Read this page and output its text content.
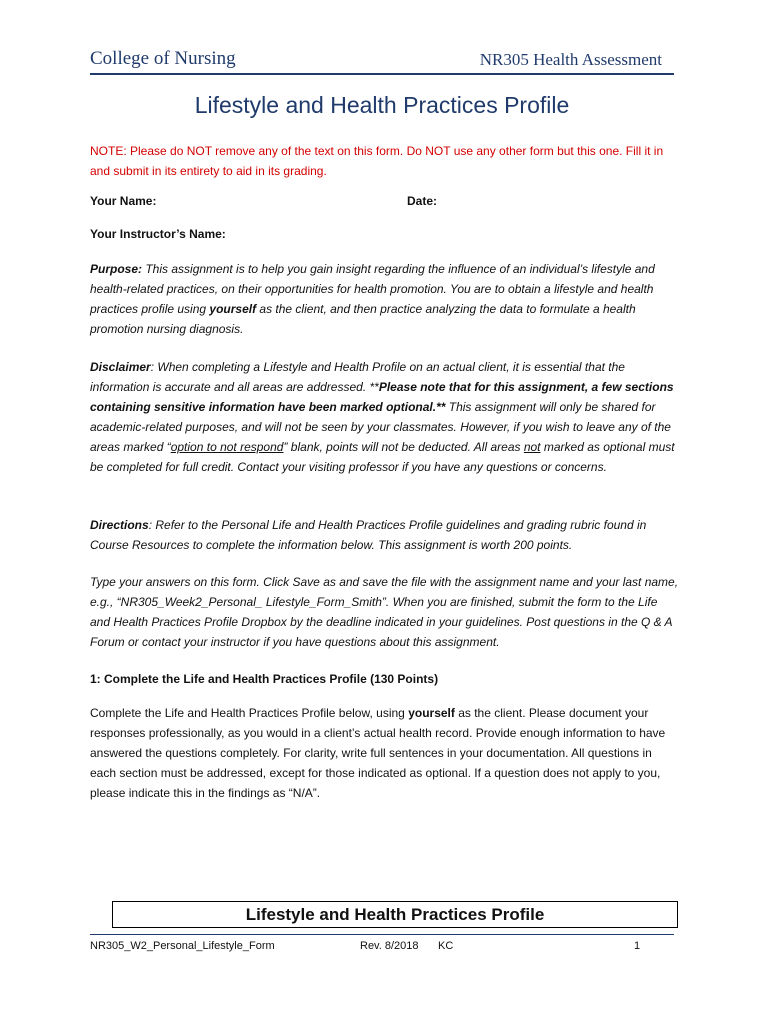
College of Nursing	NR305 Health Assessment
Lifestyle and Health Practices Profile
NOTE: Please do NOT remove any of the text on this form. Do NOT use any other form but this one. Fill it in and submit in its entirety to aid in its grading.
Your Name:	Date:
Your Instructor’s Name:
Purpose: This assignment is to help you gain insight regarding the influence of an individual’s lifestyle and health-related practices, on their opportunities for health promotion. You are to obtain a lifestyle and health practices profile using yourself as the client, and then practice analyzing the data to formulate a health promotion nursing diagnosis.
Disclaimer: When completing a Lifestyle and Health Profile on an actual client, it is essential that the information is accurate and all areas are addressed. **Please note that for this assignment, a few sections containing sensitive information have been marked optional.** This assignment will only be shared for academic-related purposes, and will not be seen by your classmates. However, if you wish to leave any of the areas marked “option to not respond” blank, points will not be deducted. All areas not marked as optional must be completed for full credit. Contact your visiting professor if you have any questions or concerns.
Directions: Refer to the Personal Life and Health Practices Profile guidelines and grading rubric found in Course Resources to complete the information below. This assignment is worth 200 points.
Type your answers on this form. Click Save as and save the file with the assignment name and your last name, e.g., “NR305_Week2_Personal_ Lifestyle_Form_Smith”. When you are finished, submit the form to the Life and Health Practices Profile Dropbox by the deadline indicated in your guidelines. Post questions in the Q & A Forum or contact your instructor if you have questions about this assignment.
1: Complete the Life and Health Practices Profile (130 Points)
Complete the Life and Health Practices Profile below, using yourself as the client. Please document your responses professionally, as you would in a client’s actual health record. Provide enough information to have answered the questions completely. For clarity, write full sentences in your documentation. All questions in each section must be addressed, except for those indicated as optional. If a question does not apply to you, please indicate this in the findings as “N/A”.
Lifestyle and Health Practices Profile
NR305_W2_Personal_Lifestyle_Form	Rev. 8/2018 KC	1
